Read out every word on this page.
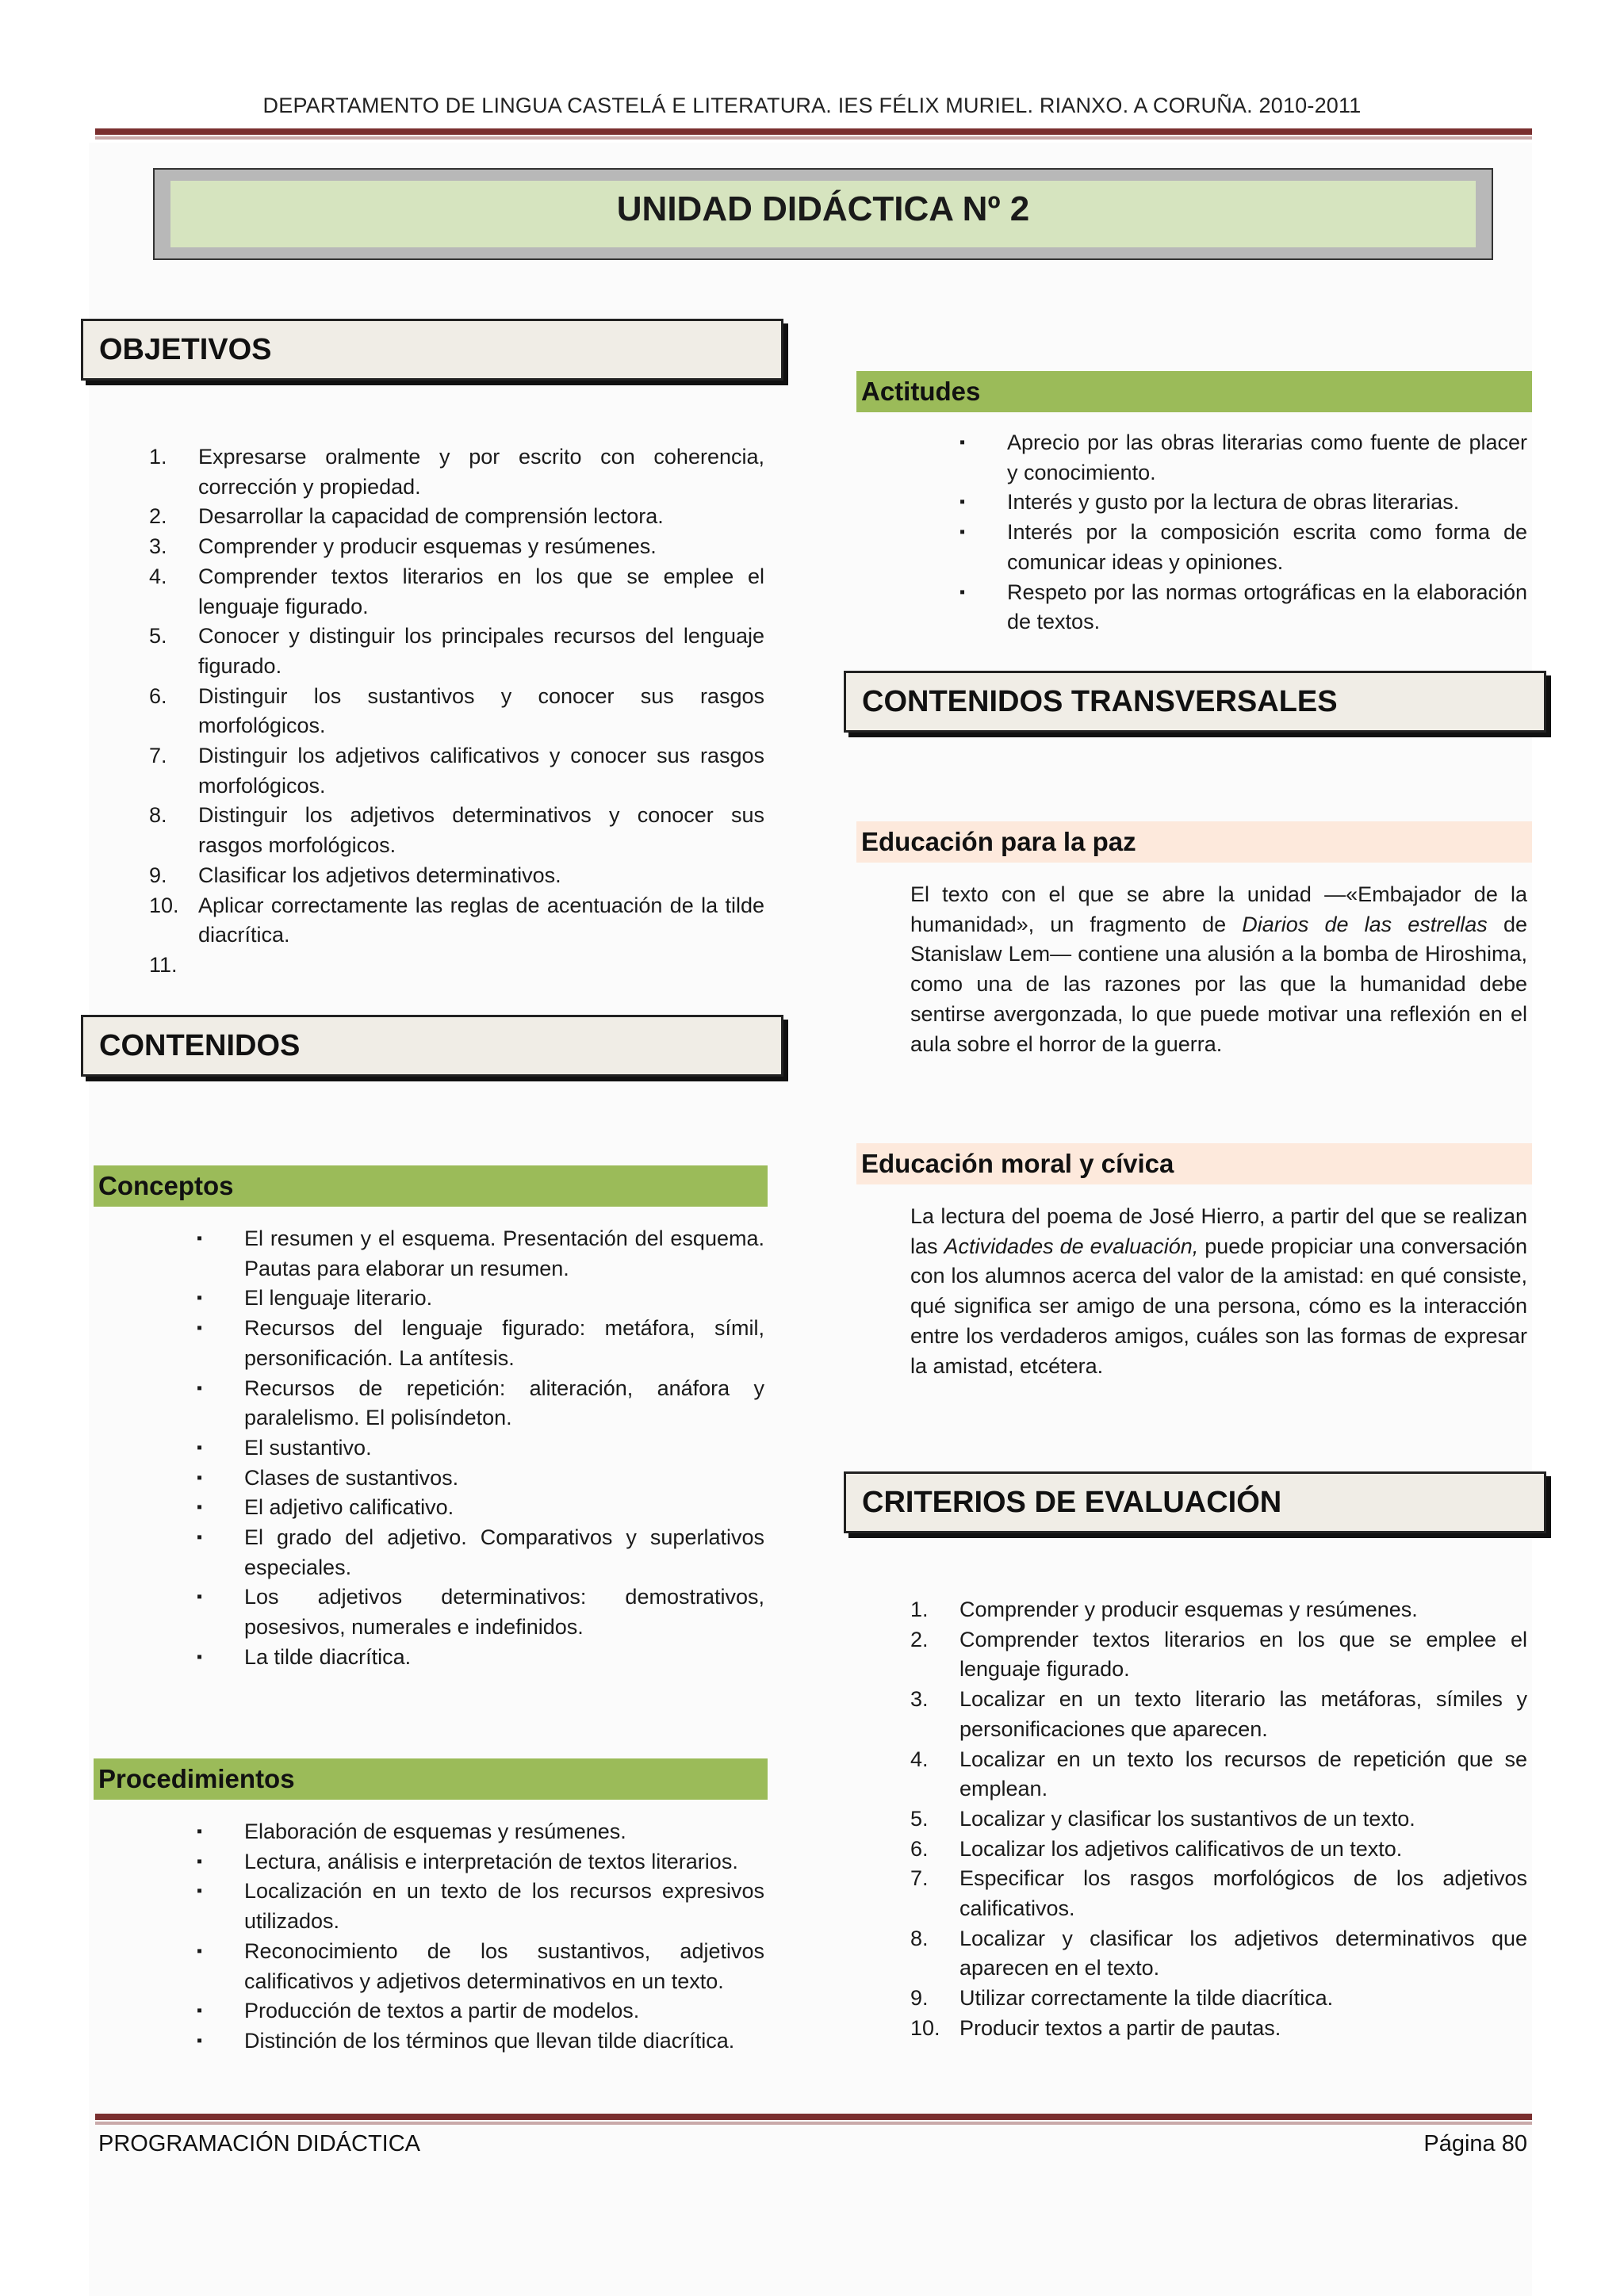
DEPARTAMENTO DE LINGUA CASTELÁ E LITERATURA. IES FÉLIX MURIEL. RIANXO. A CORUÑA. 2010-2011
UNIDAD DIDÁCTICA Nº 2
OBJETIVOS
1.	Expresarse oralmente y por escrito con coherencia, corrección y propiedad.
2.	Desarrollar la capacidad de comprensión lectora.
3.	Comprender y producir esquemas y resúmenes.
4.	Comprender textos literarios en los que se emplee el lenguaje figurado.
5.	Conocer y distinguir los principales recursos del lenguaje figurado.
6.	Distinguir los sustantivos y conocer sus rasgos morfológicos.
7.	Distinguir los adjetivos calificativos y conocer sus rasgos morfológicos.
8.	Distinguir los adjetivos determinativos y conocer sus rasgos morfológicos.
9.	Clasificar los adjetivos determinativos.
10. Aplicar correctamente las reglas de acentuación de la tilde diacrítica.
11.

CONTENIDOS
Conceptos
▪ El resumen y el esquema. Presentación del esquema. Pautas para elaborar un resumen.
▪ El lenguaje literario.
▪ Recursos del lenguaje figurado: metáfora, símil, personificación. La antítesis.
▪ Recursos de repetición: aliteración, anáfora y paralelismo. El polisíndeton.
▪ El sustantivo.
▪ Clases de sustantivos.
▪ El adjetivo calificativo.
▪ El grado del adjetivo. Comparativos y superlativos especiales.
▪ Los adjetivos determinativos: demostrativos, posesivos, numerales e indefinidos.
▪ La tilde diacrítica.
Procedimientos
▪ Elaboración de esquemas y resúmenes.
▪ Lectura, análisis e interpretación de textos literarios.
▪ Localización en un texto de los recursos expresivos utilizados.
▪ Reconocimiento de los sustantivos, adjetivos calificativos y adjetivos determinativos en un texto.
▪ Producción de textos a partir de modelos.
▪ Distinción de los términos que llevan tilde diacrítica.
Actitudes
▪ Aprecio por las obras literarias como fuente de placer y conocimiento.
▪ Interés y gusto por la lectura de obras literarias.
▪ Interés por la composición escrita como forma de comunicar ideas y opiniones.
▪ Respeto por las normas ortográficas en la elaboración de textos.
CONTENIDOS TRANSVERSALES
Educación para la paz
El texto con el que se abre la unidad —«Embajador de la humanidad», un fragmento de Diarios de las estrellas de Stanislaw Lem— contiene una alusión a la bomba de Hiroshima, como una de las razones por las que la humanidad debe sentirse avergonzada, lo que puede motivar una reflexión en el aula sobre el horror de la guerra.
Educación moral y cívica
La lectura del poema de José Hierro, a partir del que se realizan las Actividades de evaluación, puede propiciar una conversación con los alumnos acerca del valor de la amistad: en qué consiste, qué significa ser amigo de una persona, cómo es la interacción entre los verdaderos amigos, cuáles son las formas de expresar la amistad, etcétera.
CRITERIOS DE EVALUACIÓN
1.	Comprender y producir esquemas y resúmenes.
2.	Comprender textos literarios en los que se emplee el lenguaje figurado.
3.	Localizar en un texto literario las metáforas, símiles y personificaciones que aparecen.
4.	Localizar en un texto los recursos de repetición que se emplean.
5.	Localizar y clasificar los sustantivos de un texto.
6.	Localizar los adjetivos calificativos de un texto.
7.	Especificar los rasgos morfológicos de los adjetivos calificativos.
8.	Localizar y clasificar los adjetivos determinativos que aparecen en el texto.
9.	Utilizar correctamente la tilde diacrítica.
10. Producir textos a partir de pautas.
PROGRAMACIÓN DIDÁCTICA	Página 80
